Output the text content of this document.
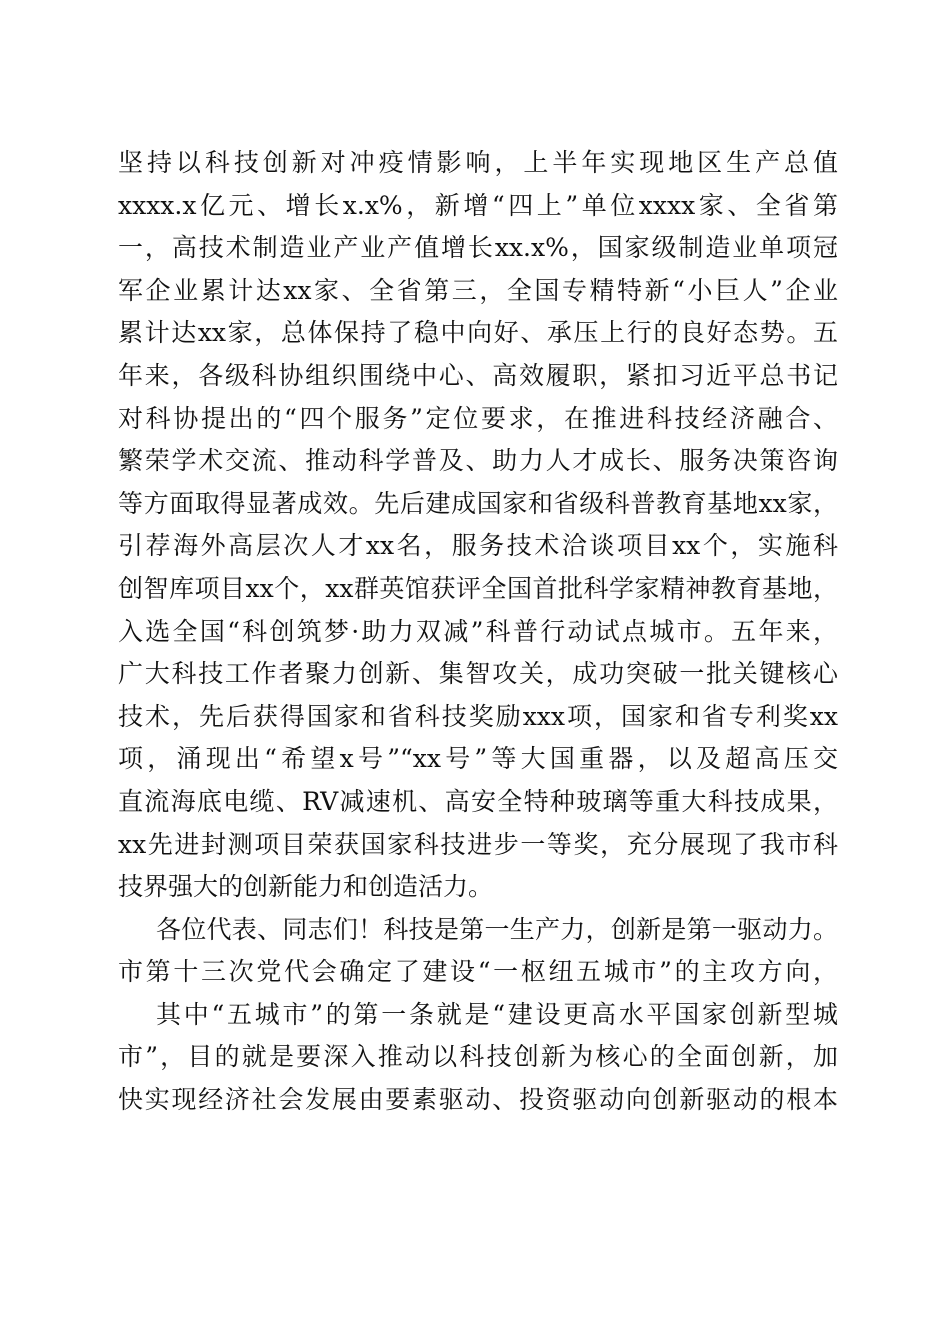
坚持以科技创新对冲疫情影响，上半年实现地区生产总值
xxxx.x亿元、增长x.x%，新增“四上”单位xxxx家、全省第
一，高技术制造业产业产值增长xx.x%，国家级制造业单项冠
军企业累计达xx家、全省第三，全国专精特新“小巨人”企业
累计达xx家，总体保持了稳中向好、承压上行的良好态势。五
年来，各级科协组织围绕中心、高效履职，紧扣习近平总书记
对科协提出的“四个服务”定位要求，在推进科技经济融合、
繁荣学术交流、推动科学普及、助力人才成长、服务决策咨询
等方面取得显著成效。先后建成国家和省级科普教育基地xx家，
引荐海外高层次人才xx名，服务技术洽谈项目xx个，实施科
创智库项目xx个，xx群英馆获评全国首批科学家精神教育基地，
入选全国“科创筑梦·助力双减”科普行动试点城市。五年来，
广大科技工作者聚力创新、集智攻关，成功突破一批关键核心
技术，先后获得国家和省科技奖励xxx项，国家和省专利奖xx
项，涌现出“希望x号”“xx号”等大国重器，以及超高压交
直流海底电缆、RV减速机、高安全特种玻璃等重大科技成果，
xx先进封测项目荣获国家科技进步一等奖，充分展现了我市科
技界强大的创新能力和创造活力。
各位代表、同志们！科技是第一生产力，创新是第一驱动力。
市第十三次党代会确定了建设“一枢纽五城市”的主攻方向，
其中“五城市”的第一条就是“建设更高水平国家创新型城
市”，目的就是要深入推动以科技创新为核心的全面创新，加
快实现经济社会发展由要素驱动、投资驱动向创新驱动的根本
